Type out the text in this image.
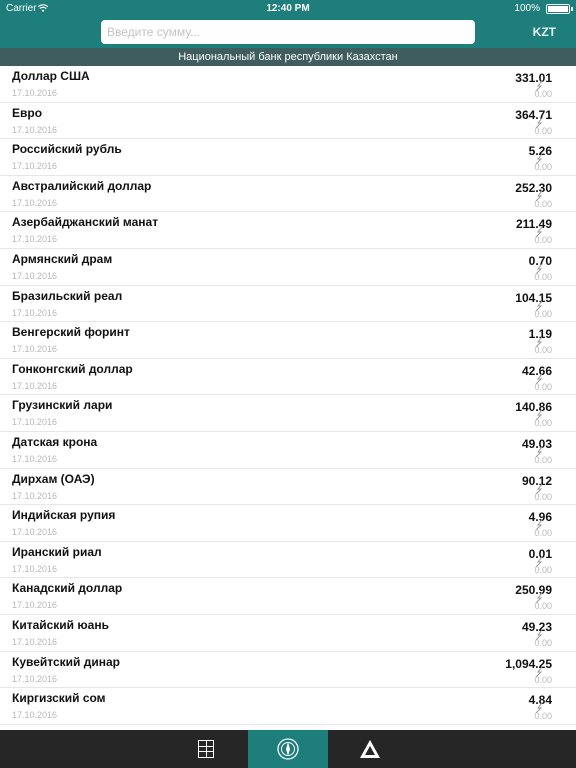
Carrier	12:40 PM	100%
Введите сумму...
KZT
Национальный банк республики Казахстан
Доллар США
17.10.2016
331.01
0.00
Евро
17.10.2016
364.71
0.00
Российский рубль
17.10.2016
5.26
0.00
Австралийский доллар
17.10.2016
252.30
0.00
Азербайджанский манат
17.10.2016
211.49
0.00
Армянский драм
17.10.2016
0.70
0.00
Бразильский реал
17.10.2016
104.15
0.00
Венгерский форинт
17.10.2016
1.19
0.00
Гонконгский доллар
17.10.2016
42.66
0.00
Грузинский лари
17.10.2016
140.86
0.00
Датская крона
17.10.2016
49.03
0.00
Дирхам (ОАЭ)
17.10.2016
90.12
0.00
Индийская рупия
17.10.2016
4.96
0.00
Иранский риал
17.10.2016
0.01
0.00
Канадский доллар
17.10.2016
250.99
0.00
Китайский юань
17.10.2016
49.23
0.00
Кувейтский динар
17.10.2016
1,094.25
0.00
Киргизский сом
17.10.2016
4.84
0.00
